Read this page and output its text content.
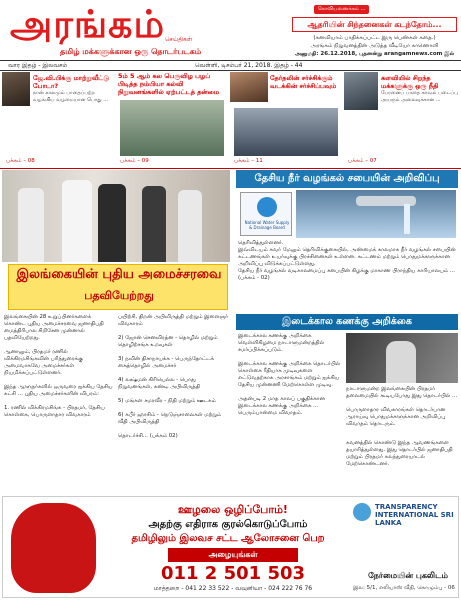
அரங்கம் செய்திகள்
தமிழ் மக்களுக்கான ஒரு தொடர்படகம்
கொவியணைக்கம் ...
ஆதரியின் சிந்தனைகள் கடந்தோம்...
(கனவியாம் பாதிக்கப்பட்ட இரு பெண்கள் கதை.)
அரங்கம் நிறுவனத்தின் அடுத்த வீடியோ காணொளி
அனுமதி: 26.12.2018, புதனன்று arangamnews.com இல்
வார இதழ் - இலவசம்	வெள்ளி, டிசம்பர் 21, 2018. இதழ் - 44
ஜே.வி.பிக்கு மாற்றுவீட்டு போடா?
நான் காலமும் பாதைப்பற்ற வழங்கிய வழமையான பொது ...
பக்கம் – 08
5ம் 5 ஆம் கல பெருவிழ பழப் பிடித்த நம்பியா கல்வி நிறுவனங்களில் ஏற்பட்டத் தன்மை
பக்கம் – 09
தேர்தலின் சர்ச்சிக்கும் வடக்கின் சர்ச்சிப்பவும்
பக்கம் – 11
களவியில் சிறந்த மக்களுக்கு ஒரு நீதி
பேரனைப் பாதை காவல் படைப்பு அயரும் அலைவுக்கான ...
பக்கம் – 07
இலங்கையின் புதிய அமைச்சரவை
பதவியேற்றது
இலங்கையின் 28 உறுப்பினர்களைக் கொண்ட புதிய அமைச்சரவை ஜனாதிபதி மைத்திரிபால சிறிசேன முன்னால் பதவியேற்றது.

ஆனாலும், பிரதமர் ரணில் விக்கிரமசிங்கவின் பரிந்துரைக்கு அமைவாகவே அமைச்சர்கள் நியமிக்கப்பட்டுள்ளனர்.

இந்த ஆளுநர்களில் ஒருவரை ஐக்கிய தேசிய கட்சி ... புதிய அமைச்சர்களின் விபரம்:

1. ரணில் விக்கிரமசிங்க - பிரதமர், தேசிய கொள்கை, பொருளாதார விவகாரம்
பயிற்சி, திறன் அபிவிருத்தி மற்றும் இளைஞர் விவகாரம்

2) ஜோன் செனவிரத்ன - தொழில் மற்றும் தொழிற்சங்க உறவுகள்

3) நவின் திசாநாயக்க - பெருந்தோட்டக் கைத்தொழில் அமைச்சர்

4) லக்ஷ்மன் கிரியெல்ல - பொது நிறுவனங்கள், கண்டி அபிவிருத்தி

5) மங்கள சமரவீர - நிதி மற்றும் ஊடகம்

6) கபீர் ஹாசிம் - நெடுஞ்சாலைகள் மற்றும் வீதி அபிவிருத்தி

தொடர்ச்சி... (பக்கம் 02)
தேசிய நீர் வழங்கல் சபையின் அறிவிப்பு
National Water Supply & Drainage Board
தெரிவித்துள்ளனர்.
இவ்விடயம் சுவர் மேலும் தெரிவிக்குகையில், அண்மைக் காலமாக நீர் வழங்கல் சபையின் கட்டணங்கள் உயர்வுக்கு பிரச்சினைகள் உள்ளன. கட்டணம் மற்றும் பொதுமக்களுக்கான அறிவிப்பு விடுக்கப்பட்டுள்ளது.
தேசிய நீர் வழங்கல் வடிகாலமைப்பு சபையின் கிழக்கு மாகாண பிராந்திய காரியாலயம் ... (பக்கம் - 02)
இடைக்கால கணக்கு அறிக்கை
இடைக்கால கணக்கு அறிக்கை வெள்ளிகிழமை நாடாளுமன்றத்தில் சமர்ப்பிக்கப்படும்.

இடைக்கால கணக்கு அறிக்கை தொடர்பில் கொள்கை ரீதியாக முடிவுகளை எட்டுவதற்காக அரசாங்கம் மற்றும் ஐக்கிய தேசிய முன்னணி மேற்கொள்ள முடிவு.

அதன்படி 2 மாத காலப் பகுதிக்கான இடைக்கால கணக்கு அறிக்கை ... பெரும்பான்மை விவாதம்.
நாடாளுமன்ற இலங்கையின் பிரதமர் தலைமையில் கூடியபோது இது தொடர்பில் ...

பொருளாதார விவகாரங்கள் தொடர்பான ஆராய்வு பொதுமக்களுக்கான அறிவிப்பு விவாதம் தொடரும்.
கவனத்தில் கொண்டு இந்த ஆவணங்களை தயாரித்துள்ளது. இது தொடர்பில் ஜனாதிபதி மற்றும் பிரதமர் கலந்துரையாடல் மேற்கொண்டனர்.
ஊழலை ஒழிப்போம்!
அதற்கு எதிராக குரல்கொடுப்போம்
தமிழிலும் இலவச சட்ட ஆலோசனை பெற
அழையுங்கள்
011 2 501 503
மாத்தறை - 041 22 33 522 - வவுனியா - 024 222 76 76
TRANSPARENCY INTERNATIONAL SRI LANKA
நேர்மையின் புகலிடம்
இல: 5/1, எலியாஸ் வீதி, கொழும்பு - 06
